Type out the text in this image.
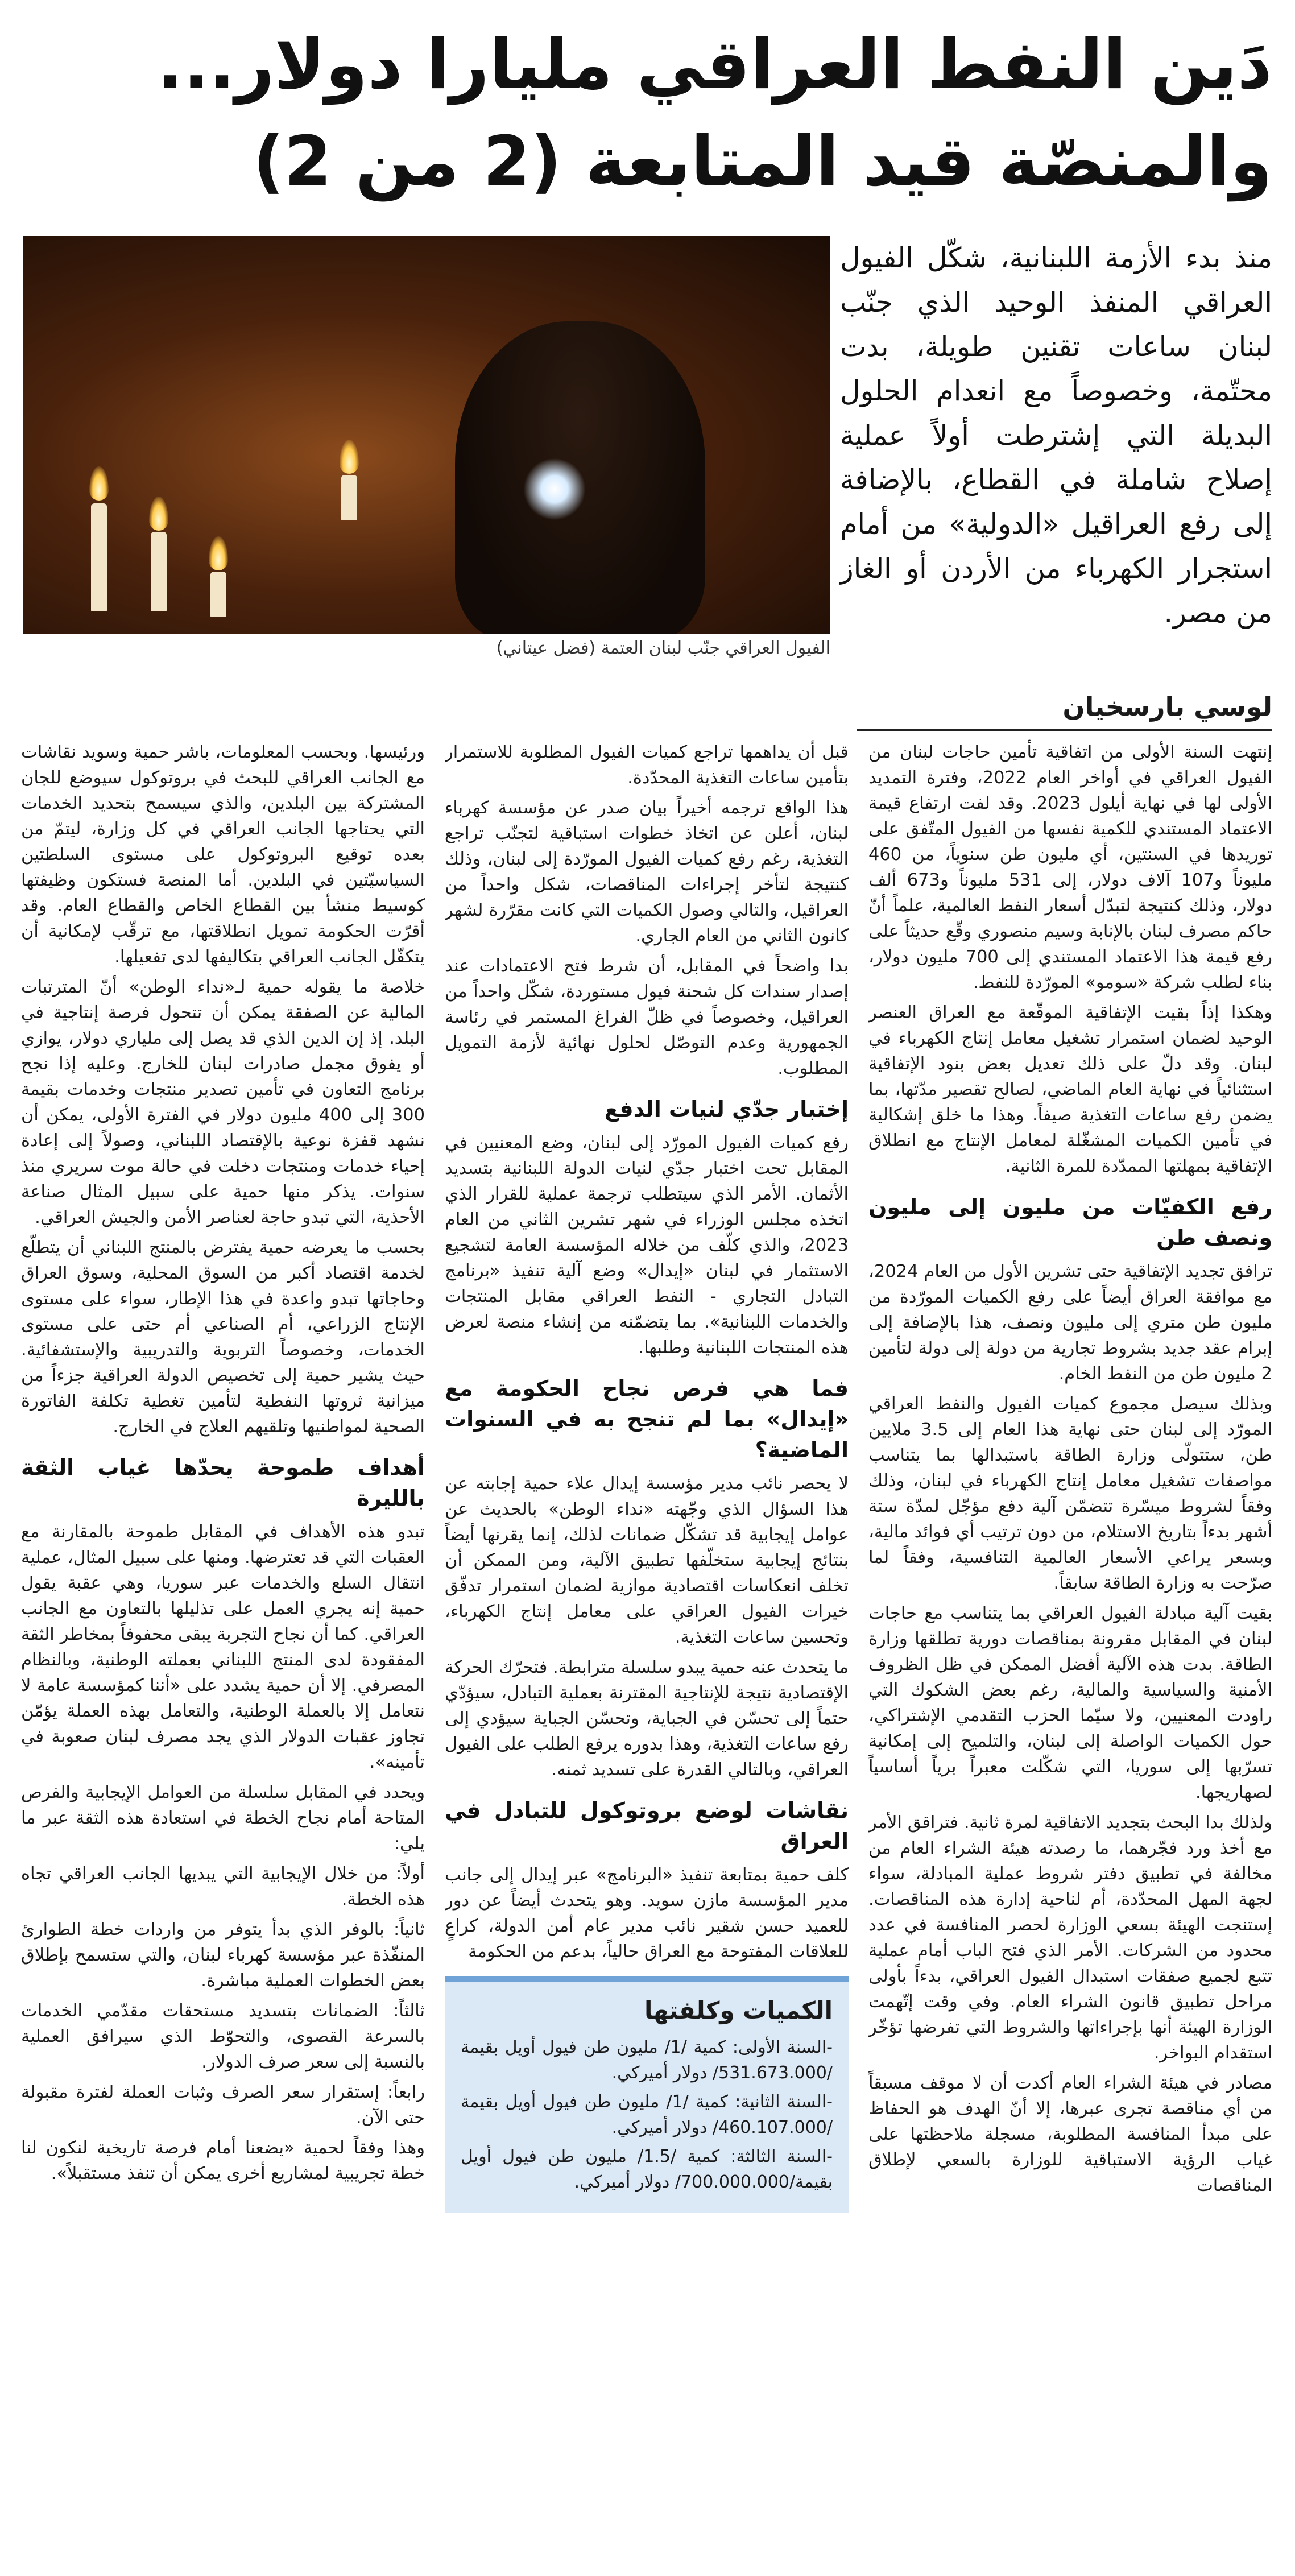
دَين النفط العراقي مليارا دولار...
والمنصّة قيد المتابعة (2 من 2)
الفيول العراقي جنّب لبنان العتمة (فضل عيتاني)

منذ بدء الأزمة اللبنانية، شكّل الفيول العراقي المنفذ الوحيد الذي جنّب لبنان ساعات تقنين طويلة، بدت محتّمة، وخصوصاً مع انعدام الحلول البديلة التي إشترطت أولاً عملية إصلاح شاملة في القطاع، بالإضافة إلى رفع العراقيل «الدولية» من أمام استجرار الكهرباء من الأردن أو الغاز من مصر.

لوسي بارسخيان

إنتهت السنة الأولى من اتفاقية تأمين حاجات لبنان من الفيول العراقي في أواخر العام 2022، وفترة التمديد الأولى لها في نهاية أيلول 2023. وقد لفت ارتفاع قيمة الاعتماد المستندي للكمية نفسها من الفيول المتّفق على توريدها في السنتين، أي مليون طن سنوياً، من 460 مليوناً و107 آلاف دولار، إلى 531 مليوناً و673 ألف دولار، وذلك كنتيجة لتبدّل أسعار النفط العالمية، علماً أنّ حاكم مصرف لبنان بالإنابة وسيم منصوري وقّع حديثاً على رفع قيمة هذا الاعتماد المستندي إلى 700 مليون دولار، بناء لطلب شركة «سومو» المورّدة للنفط.

وهكذا إذاً بقيت الإتفاقية الموقّعة مع العراق العنصر الوحيد لضمان استمرار تشغيل معامل إنتاج الكهرباء في لبنان. وقد دلّ على ذلك تعديل بعض بنود الإتفاقية استثنائياً في نهاية العام الماضي، لصالح تقصير مدّتها، بما يضمن رفع ساعات التغذية صيفاً. وهذا ما خلق إشكالية في تأمين الكميات المشغّلة لمعامل الإنتاج مع انطلاق الإتفاقية بمهلتها الممدّدة للمرة الثانية.

رفع الكفيّات من مليون إلى مليون ونصف طن

ترافق تجديد الإتفاقية حتى تشرين الأول من العام 2024، مع موافقة العراق أيضاً على رفع الكميات المورّدة من مليون طن متري إلى مليون ونصف، هذا بالإضافة إلى إبرام عقد جديد بشروط تجارية من دولة إلى دولة لتأمين 2 مليون طن من النفط الخام.

وبذلك سيصل مجموع كميات الفيول والنفط العراقي المورّد إلى لبنان حتى نهاية هذا العام إلى 3.5 ملايين طن، ستتولّى وزارة الطاقة باستبدالها بما يتناسب مواصفات تشغيل معامل إنتاج الكهرباء في لبنان، وذلك وفقاً لشروط ميسّرة تتضمّن آلية دفع مؤجّل لمدّة ستة أشهر بدءاً بتاريخ الاستلام، من دون ترتيب أي فوائد مالية، وبسعر يراعي الأسعار العالمية التنافسية، وفقاً لما صرّحت به وزارة الطاقة سابقاً.

بقيت آلية مبادلة الفيول العراقي بما يتناسب مع حاجات لبنان في المقابل مقرونة بمناقصات دورية تطلقها وزارة الطاقة. بدت هذه الآلية أفضل الممكن في ظل الظروف الأمنية والسياسية والمالية، رغم بعض الشكوك التي راودت المعنيين، ولا سيّما الحزب التقدمي الإشتراكي، حول الكميات الواصلة إلى لبنان، والتلميح إلى إمكانية تسرّبها إلى سوريا، التي شكّلت معبراً برياً أساسياً لصهاريجها.

ولذلك بدا البحث بتجديد الاتفاقية لمرة ثانية. فتراقق الأمر مع أخذ ورد فجّرهما، ما رصدته هيئة الشراء العام من مخالفة في تطبيق دفتر شروط عملية المبادلة، سواء لجهة المهل المحدّدة، أم لناحية إدارة هذه المناقصات. إستنجت الهيئة بسعي الوزارة لحصر المنافسة في عدد محدود من الشركات. الأمر الذي فتح الباب أمام عملية تتبع لجميع صفقات استبدال الفيول العراقي، بدءاً بأولى مراحل تطبيق قانون الشراء العام. وفي وقت إتّهمت الوزارة الهيئة أنها بإجراءاتها والشروط التي تفرضها تؤخّر استقدام البواخر.

مصادر في هيئة الشراء العام أكدت أن لا موقف مسبقاً من أي مناقصة تجرى عبرها، إلا أنّ الهدف هو الحفاظ على مبدأ المنافسة المطلوبة، مسجلة ملاحظتها على غياب الرؤية الاستباقية للوزارة بالسعي لإطلاق المناقصات

قبل أن يداهمها تراجع كميات الفيول المطلوبة للاستمرار بتأمين ساعات التغذية المحدّدة.

هذا الواقع ترجمه أخيراً بيان صدر عن مؤسسة كهرباء لبنان، أعلن عن اتخاذ خطوات استباقية لتجنّب تراجع التغذية، رغم رفع كميات الفيول المورّدة إلى لبنان، وذلك كنتيجة لتأخر إجراءات المناقصات، شكل واحداً من العراقيل، والتالي وصول الكميات التي كانت مقرّرة لشهر كانون الثاني من العام الجاري.

بدا واضحاً في المقابل، أن شرط فتح الاعتمادات عند إصدار سندات كل شحنة فيول مستوردة، شكّل واحداً من العراقيل، وخصوصاً في ظلّ الفراغ المستمر في رئاسة الجمهورية وعدم التوصّل لحلول نهائية لأزمة التمويل المطلوب.

إختبار جدّي لنيات الدفع

رفع كميات الفيول المورّد إلى لبنان، وضع المعنيين في المقابل تحت اختبار جدّي لنيات الدولة اللبنانية بتسديد الأثمان. الأمر الذي سيتطلب ترجمة عملية للقرار الذي اتخذه مجلس الوزراء في شهر تشرين الثاني من العام 2023، والذي كلّف من خلاله المؤسسة العامة لتشجيع الاستثمار في لبنان «إيدال» وضع آلية تنفيذ «برنامج التبادل التجاري - النفط العراقي مقابل المنتجات والخدمات اللبنانية». بما يتضمّنه من إنشاء منصة لعرض هذه المنتجات اللبنانية وطلبها.

فما هي فرص نجاح الحكومة مع «إيدال» بما لم تنجح به في السنوات الماضية؟

لا يحصر نائب مدير مؤسسة إيدال علاء حمية إجابته عن هذا السؤال الذي وجّهته «نداء الوطن» بالحديث عن عوامل إيجابية قد تشكّل ضمانات لذلك، إنما يقرنها أيضاً بنتائج إيجابية ستخلّفها تطبيق الآلية، ومن الممكن أن تخلف انعكاسات اقتصادية موازية لضمان استمرار تدفّق خيرات الفيول العراقي على معامل إنتاج الكهرباء، وتحسين ساعات التغذية.

ما يتحدث عنه حمية يبدو سلسلة مترابطة. فتحرّك الحركة الإقتصادية نتيجة للإنتاجية المقترنة بعملية التبادل، سيؤدّي حتماً إلى تحسّن في الجباية، وتحسّن الجباية سيؤدي إلى رفع ساعات التغذية، وهذا بدوره يرفع الطلب على الفيول العراقي، وبالتالي القدرة على تسديد ثمنه.

نقاشات لوضع بروتوكول للتبادل في العراق

كلف حمية بمتابعة تنفيذ «البرنامج» عبر إيدال إلى جانب مدير المؤسسة مازن سويد. وهو يتحدث أيضاً عن دور للعميد حسن شقير نائب مدير عام أمن الدولة، كراعٍ للعلاقات المفتوحة مع العراق حالياً، بدعم من الحكومة

الكميات وكلفتها

-السنة الأولى: كمية /1/ مليون طن فيول أويل بقيمة /531.673.000/ دولار أميركي.

-السنة الثانية: كمية /1/ مليون طن فيول أويل بقيمة /460.107.000/ دولار أميركي.

-السنة الثالثة: كمية /1.5/ مليون طن فيول أويل بقيمة/700.000.000/ دولار أميركي.

ورئيسها. وبحسب المعلومات، باشر حمية وسويد نقاشات مع الجانب العراقي للبحث في بروتوكول سيوضع للجان المشتركة بين البلدين، والذي سيسمح بتحديد الخدمات التي يحتاجها الجانب العراقي في كل وزارة، ليتمّ من بعده توقيع البروتوكول على مستوى السلطتين السياسيّتين في البلدين. أما المنصة فستكون وظيفتها كوسيط منشأ بين القطاع الخاص والقطاع العام. وقد أقرّت الحكومة تمويل انطلاقتها، مع ترقّب لإمكانية أن يتكفّل الجانب العراقي بتكاليفها لدى تفعيلها.

خلاصة ما يقوله حمية لـ«نداء الوطن» أنّ المترتبات المالية عن الصفقة يمكن أن تتحول فرصة إنتاجية في البلد. إذ إن الدين الذي قد يصل إلى ملياري دولار، يوازي أو يفوق مجمل صادرات لبنان للخارج. وعليه إذا نجح برنامج التعاون في تأمين تصدير منتجات وخدمات بقيمة 300 إلى 400 مليون دولار في الفترة الأولى، يمكن أن نشهد قفزة نوعية بالإقتصاد اللبناني، وصولاً إلى إعادة إحياء خدمات ومنتجات دخلت في حالة موت سريري منذ سنوات. يذكر منها حمية على سبيل المثال صناعة الأحذية، التي تبدو حاجة لعناصر الأمن والجيش العراقي.

بحسب ما يعرضه حمية يفترض بالمنتج اللبناني أن يتطلّع لخدمة اقتصاد أكبر من السوق المحلية، وسوق العراق وحاجاتها تبدو واعدة في هذا الإطار، سواء على مستوى الإنتاج الزراعي، أم الصناعي أم حتى على مستوى الخدمات، وخصوصاً التربوية والتدريبية والإستشفائية. حيث يشير حمية إلى تخصيص الدولة العراقية جزءاً من ميزانية ثروتها النفطية لتأمين تغطية تكلفة الفاتورة الصحية لمواطنيها وتلقيهم العلاج في الخارج.

أهداف طموحة يحدّها غياب الثقة بالليرة

تبدو هذه الأهداف في المقابل طموحة بالمقارنة مع العقبات التي قد تعترضها. ومنها على سبيل المثال، عملية انتقال السلع والخدمات عبر سوريا، وهي عقبة يقول حمية إنه يجري العمل على تذليلها بالتعاون مع الجانب العراقي. كما أن نجاح التجربة يبقى محفوفاً بمخاطر الثقة المفقودة لدى المنتج اللبناني بعملته الوطنية، وبالنظام المصرفي. إلا أن حمية يشدد على «أننا كمؤسسة عامة لا نتعامل إلا بالعملة الوطنية، والتعامل بهذه العملة يؤمّن تجاوز عقبات الدولار الذي يجد مصرف لبنان صعوبة في تأمينه».

ويحدد في المقابل سلسلة من العوامل الإيجابية والفرص المتاحة أمام نجاح الخطة في استعادة هذه الثقة عبر ما يلي:

أولاً: من خلال الإيجابية التي يبديها الجانب العراقي تجاه هذه الخطة.

ثانياً: بالوفر الذي بدأ يتوفر من واردات خطة الطوارئ المنفّذة عبر مؤسسة كهرباء لبنان، والتي ستسمح بإطلاق بعض الخطوات العملية مباشرة.

ثالثاً: الضمانات بتسديد مستحقات مقدّمي الخدمات بالسرعة القصوى، والتحوّط الذي سيرافق العملية بالنسبة إلى سعر صرف الدولار.

رابعاً: إستقرار سعر الصرف وثبات العملة لفترة مقبولة حتى الآن.

وهذا وفقاً لحمية «يضعنا أمام فرصة تاريخية لنكون لنا خطة تجريبية لمشاريع أخرى يمكن أن تنفذ مستقبلاً».
